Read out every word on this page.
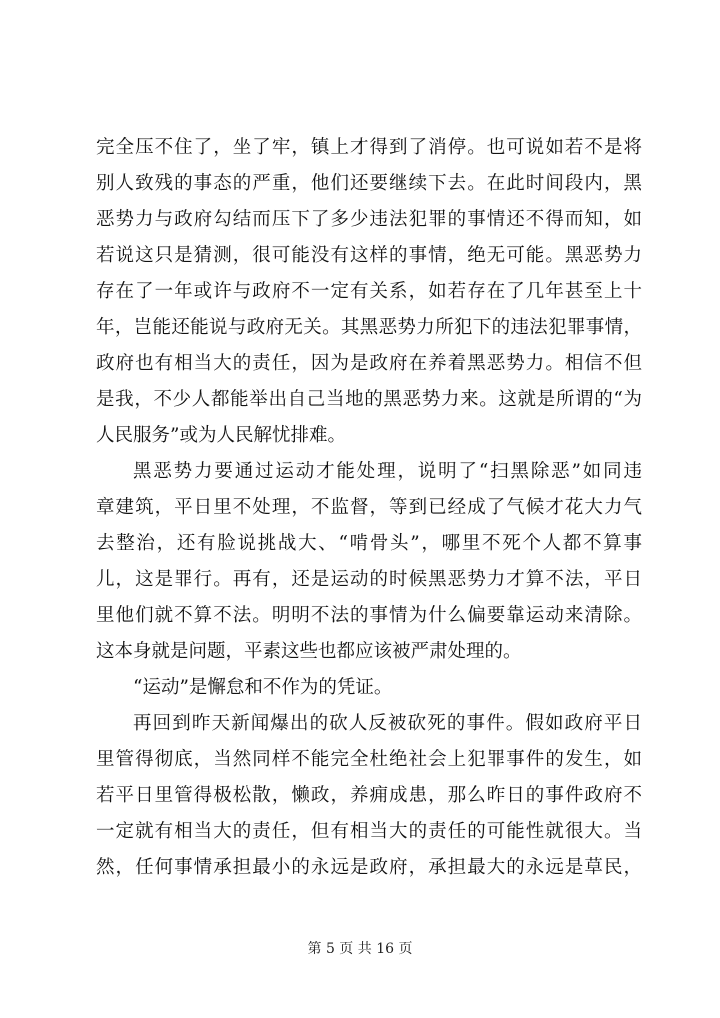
完全压不住了，坐了牢，镇上才得到了消停。也可说如若不是将
别人致残的事态的严重，他们还要继续下去。在此时间段内，黑
恶势力与政府勾结而压下了多少违法犯罪的事情还不得而知，如
若说这只是猜测，很可能没有这样的事情，绝无可能。黑恶势力
存在了一年或许与政府不一定有关系，如若存在了几年甚至上十
年，岂能还能说与政府无关。其黑恶势力所犯下的违法犯罪事情，
政府也有相当大的责任，因为是政府在养着黑恶势力。相信不但
是我，不少人都能举出自己当地的黑恶势力来。这就是所谓的“为
人民服务”或为人民解忧排难。
黑恶势力要通过运动才能处理，说明了“扫黑除恶”如同违
章建筑，平日里不处理，不监督，等到已经成了气候才花大力气
去整治，还有脸说挑战大、“啃骨头”，哪里不死个人都不算事
儿，这是罪行。再有，还是运动的时候黑恶势力才算不法，平日
里他们就不算不法。明明不法的事情为什么偏要靠运动来清除。
这本身就是问题，平素这些也都应该被严肃处理的。
“运动”是懈怠和不作为的凭证。
再回到昨天新闻爆出的砍人反被砍死的事件。假如政府平日
里管得彻底，当然同样不能完全杜绝社会上犯罪事件的发生，如
若平日里管得极松散，懒政，养痈成患，那么昨日的事件政府不
一定就有相当大的责任，但有相当大的责任的可能性就很大。当
然，任何事情承担最小的永远是政府，承担最大的永远是草民，
第 5 页 共 16 页
